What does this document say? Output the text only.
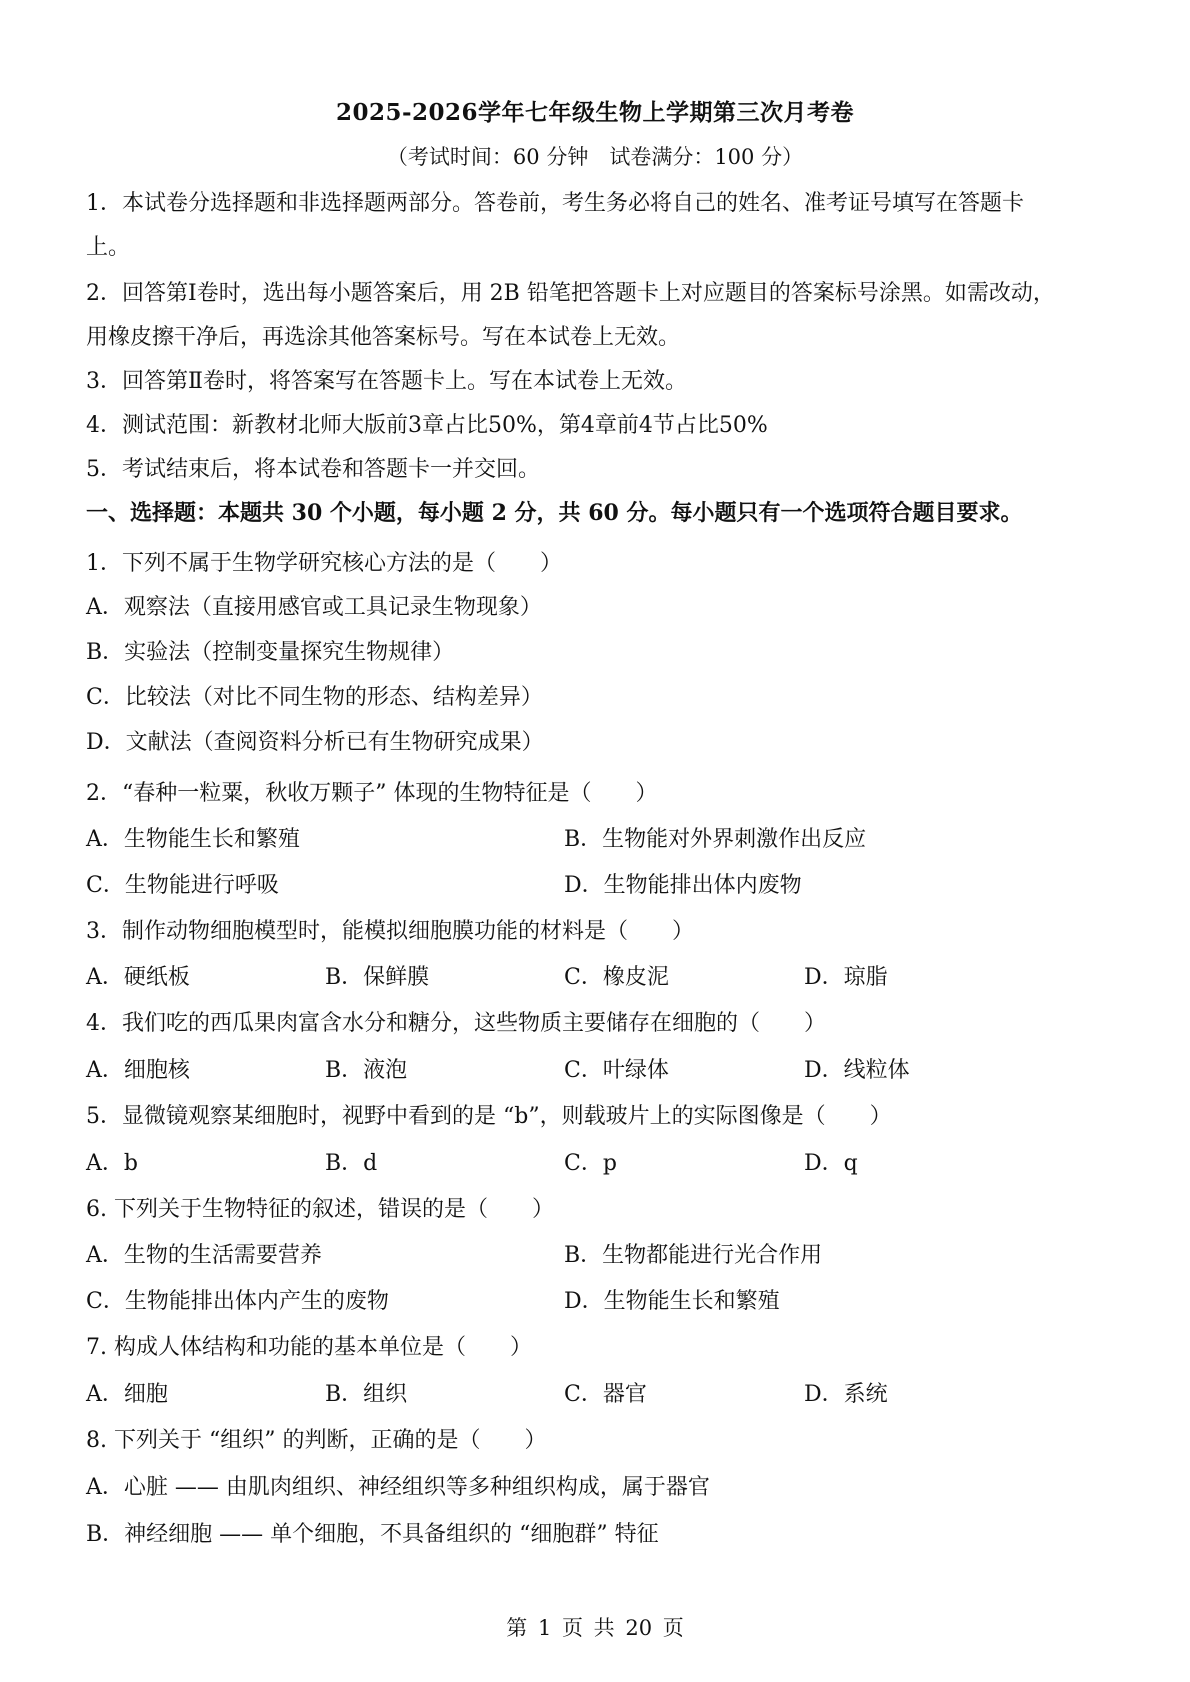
2025-2026学年七年级生物上学期第三次月考卷
（考试时间：60 分钟　试卷满分：100 分）
1．本试卷分选择题和非选择题两部分。答卷前，考生务必将自己的姓名、准考证号填写在答题卡
上。
2．回答第Ⅰ卷时，选出每小题答案后，用 2B 铅笔把答题卡上对应题目的答案标号涂黑。如需改动，
用橡皮擦干净后，再选涂其他答案标号。写在本试卷上无效。
3．回答第Ⅱ卷时，将答案写在答题卡上。写在本试卷上无效。
4．测试范围：新教材北师大版前3章占比50%，第4章前4节占比50%
5．考试结束后，将本试卷和答题卡一并交回。
一、选择题：本题共 30 个小题，每小题 2 分，共 60 分。每小题只有一个选项符合题目要求。
1．下列不属于生物学研究核心方法的是（　　）
A．观察法（直接用感官或工具记录生物现象）
B．实验法（控制变量探究生物规律）
C．比较法（对比不同生物的形态、结构差异）
D．文献法（查阅资料分析已有生物研究成果）
2．“春种一粒粟，秋收万颗子” 体现的生物特征是（　　）
A．生物能生长和繁殖	B．生物能对外界刺激作出反应
C．生物能进行呼吸	D．生物能排出体内废物
3．制作动物细胞模型时，能模拟细胞膜功能的材料是（　　）
A．硬纸板	B．保鲜膜	C．橡皮泥	D．琼脂
4．我们吃的西瓜果肉富含水分和糖分，这些物质主要储存在细胞的（　　）
A．细胞核	B．液泡	C．叶绿体	D．线粒体
5．显微镜观察某细胞时，视野中看到的是 “b”，则载玻片上的实际图像是（　　）
A．b	B．d	C．p	D．q
6. 下列关于生物特征的叙述，错误的是（　　）
A．生物的生活需要营养	B．生物都能进行光合作用
C．生物能排出体内产生的废物	D．生物能生长和繁殖
7. 构成人体结构和功能的基本单位是（　　）
A．细胞	B．组织	C．器官	D．系统
8. 下列关于 “组织” 的判断，正确的是（　　）
A．心脏 —— 由肌肉组织、神经组织等多种组织构成，属于器官
B．神经细胞 —— 单个细胞，不具备组织的 “细胞群” 特征
第 1 页 共 20 页
